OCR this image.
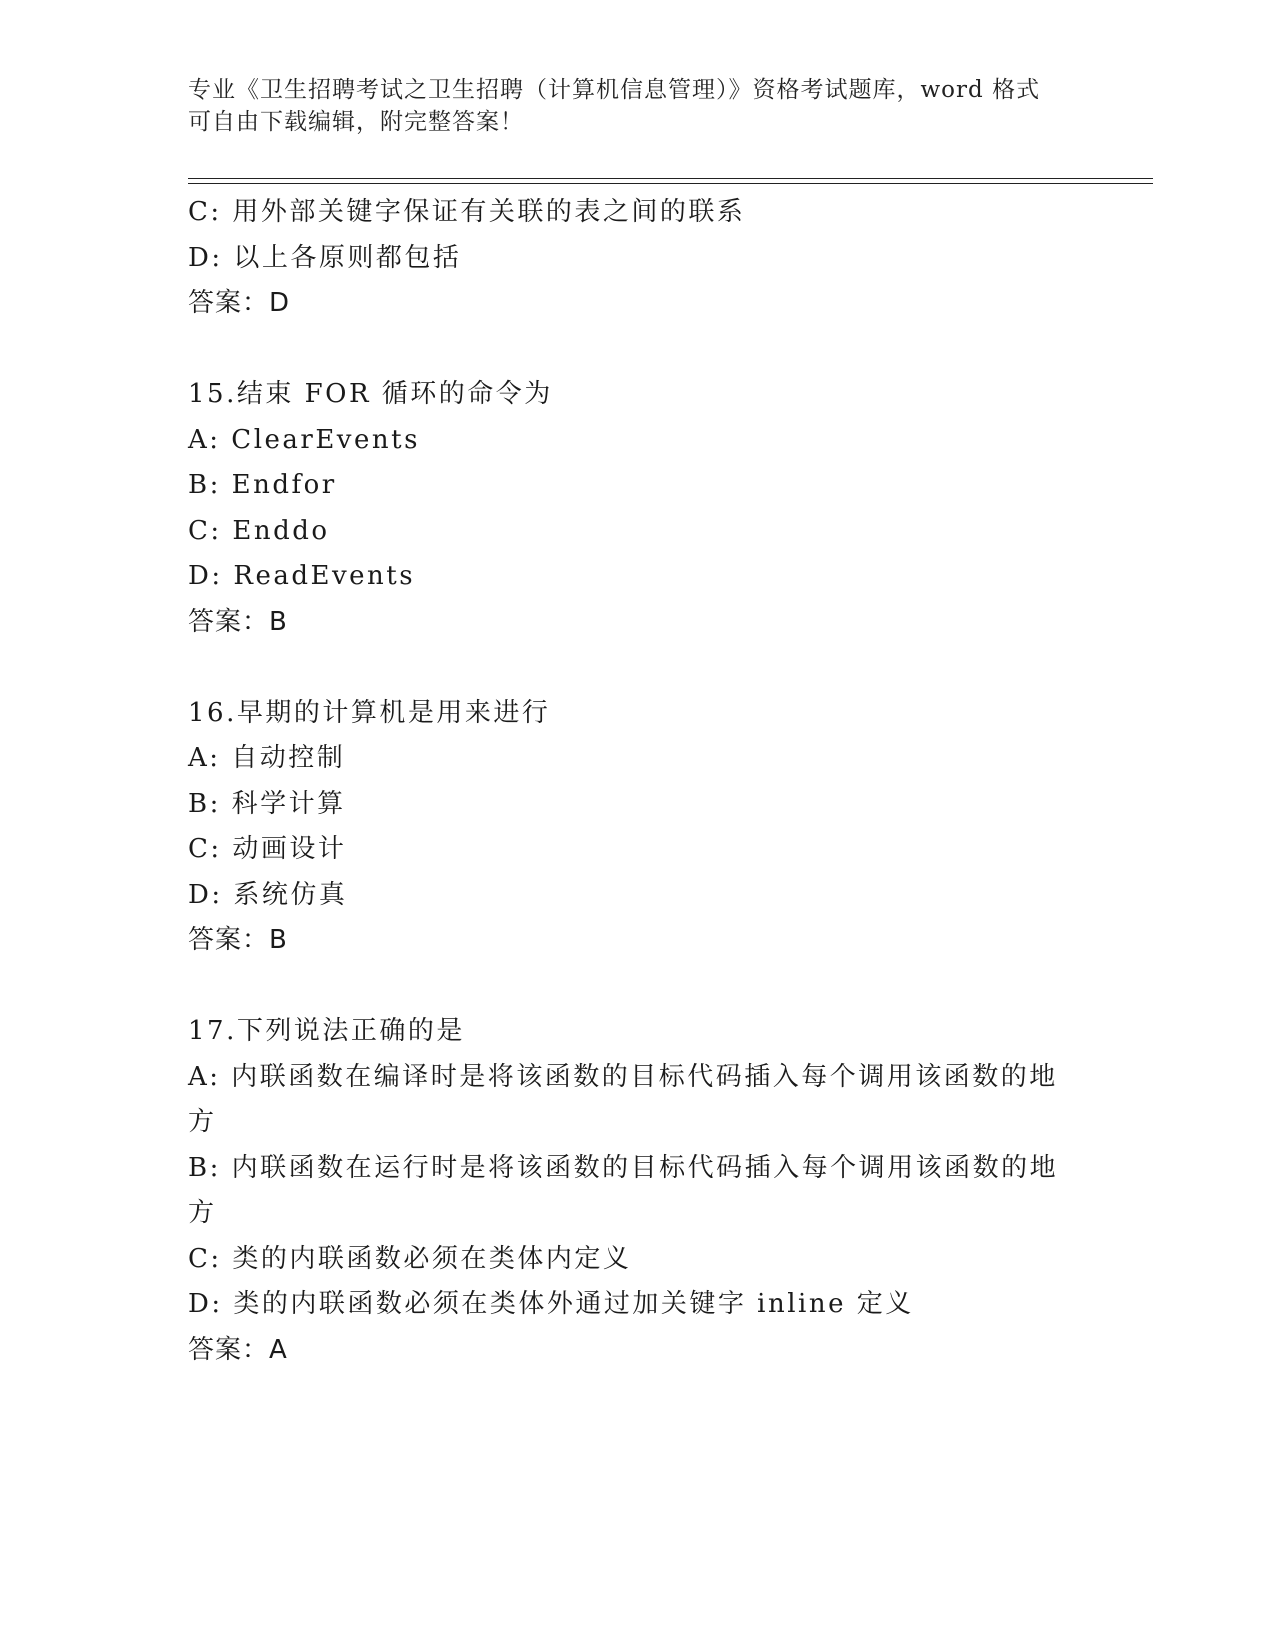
专业《卫生招聘考试之卫生招聘（计算机信息管理）》资格考试题库，word 格式
可自由下载编辑，附完整答案！
C: 用外部关键字保证有关联的表之间的联系
D: 以上各原则都包括
答案：D
15.结束 FOR 循环的命令为
A: ClearEvents
B: Endfor
C: Enddo
D: ReadEvents
答案：B
16.早期的计算机是用来进行
A: 自动控制
B: 科学计算
C: 动画设计
D: 系统仿真
答案：B
17.下列说法正确的是
A: 内联函数在编译时是将该函数的目标代码插入每个调用该函数的地方
B: 内联函数在运行时是将该函数的目标代码插入每个调用该函数的地方
C: 类的内联函数必须在类体内定义
D: 类的内联函数必须在类体外通过加关键字 inline 定义
答案：A
